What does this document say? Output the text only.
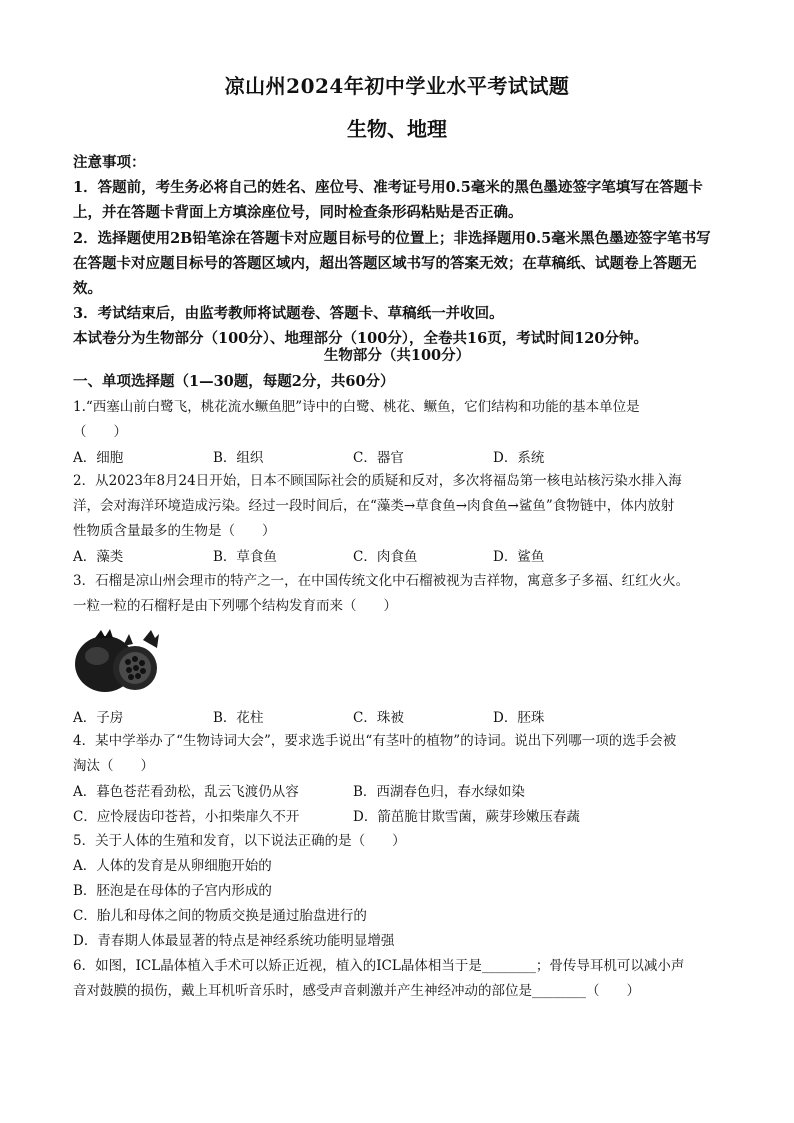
凉山州2024年初中学业水平考试试题
生物、地理

注意事项：

1．答题前，考生务必将自己的姓名、座位号、准考证号用0.5毫米的黑色墨迹签字笔填写在答题卡上，并在答题卡背面上方填涂座位号，同时检查条形码粘贴是否正确。

2．选择题使用2B铅笔涂在答题卡对应题目标号的位置上；非选择题用0.5毫米黑色墨迹签字笔书写在答题卡对应题目标号的答题区域内，超出答题区域书写的答案无效；在草稿纸、试题卷上答题无效。

3．考试结束后，由监考教师将试题卷、答题卡、草稿纸一并收回。

本试卷分为生物部分（100分）、地理部分（100分），全卷共16页，考试时间120分钟。

生物部分（共100分）
一、单项选择题（1—30题，每题2分，共60分）

1.“西塞山前白鹭飞，桃花流水鳜鱼肥”诗中的白鹭、桃花、鳜鱼，它们结构和功能的基本单位是

（　　）

A．细胞	B．组织	C．器官	D．系统

2．从2023年8月24日开始，日本不顾国际社会的质疑和反对，多次将福岛第一核电站核污染水排入海

洋，会对海洋环境造成污染。经过一段时间后，在“藻类→草食鱼→肉食鱼→鲨鱼”食物链中，体内放射

性物质含量最多的生物是（　　）

A．藻类	B．草食鱼	C．肉食鱼	D．鲨鱼

3．石榴是凉山州会理市的特产之一，在中国传统文化中石榴被视为吉祥物，寓意多子多福、红红火火。

一粒一粒的石榴籽是由下列哪个结构发育而来（　　）

A．子房	B．花柱	C．珠被	D．胚珠

4．某中学举办了“生物诗词大会”，要求选手说出“有茎叶的植物”的诗词。说出下列哪一项的选手会被

淘汰（　　）

A．暮色苍茫看劲松，乱云飞渡仍从容	B．西湖春色归，春水绿如染
C．应怜屐齿印苍苔，小扣柴扉久不开	D．箭茁脆甘欺雪菌，蕨芽珍嫩压春蔬

5．关于人体的生殖和发育，以下说法正确的是（　　）

A．人体的发育是从卵细胞开始的

B．胚泡是在母体的子宫内形成的

C．胎儿和母体之间的物质交换是通过胎盘进行的

D．青春期人体最显著的特点是神经系统功能明显增强

6．如图，ICL晶体植入手术可以矫正近视，植入的ICL晶体相当于是________；骨传导耳机可以减小声

音对鼓膜的损伤，戴上耳机听音乐时，感受声音刺激并产生神经冲动的部位是________（　　）
